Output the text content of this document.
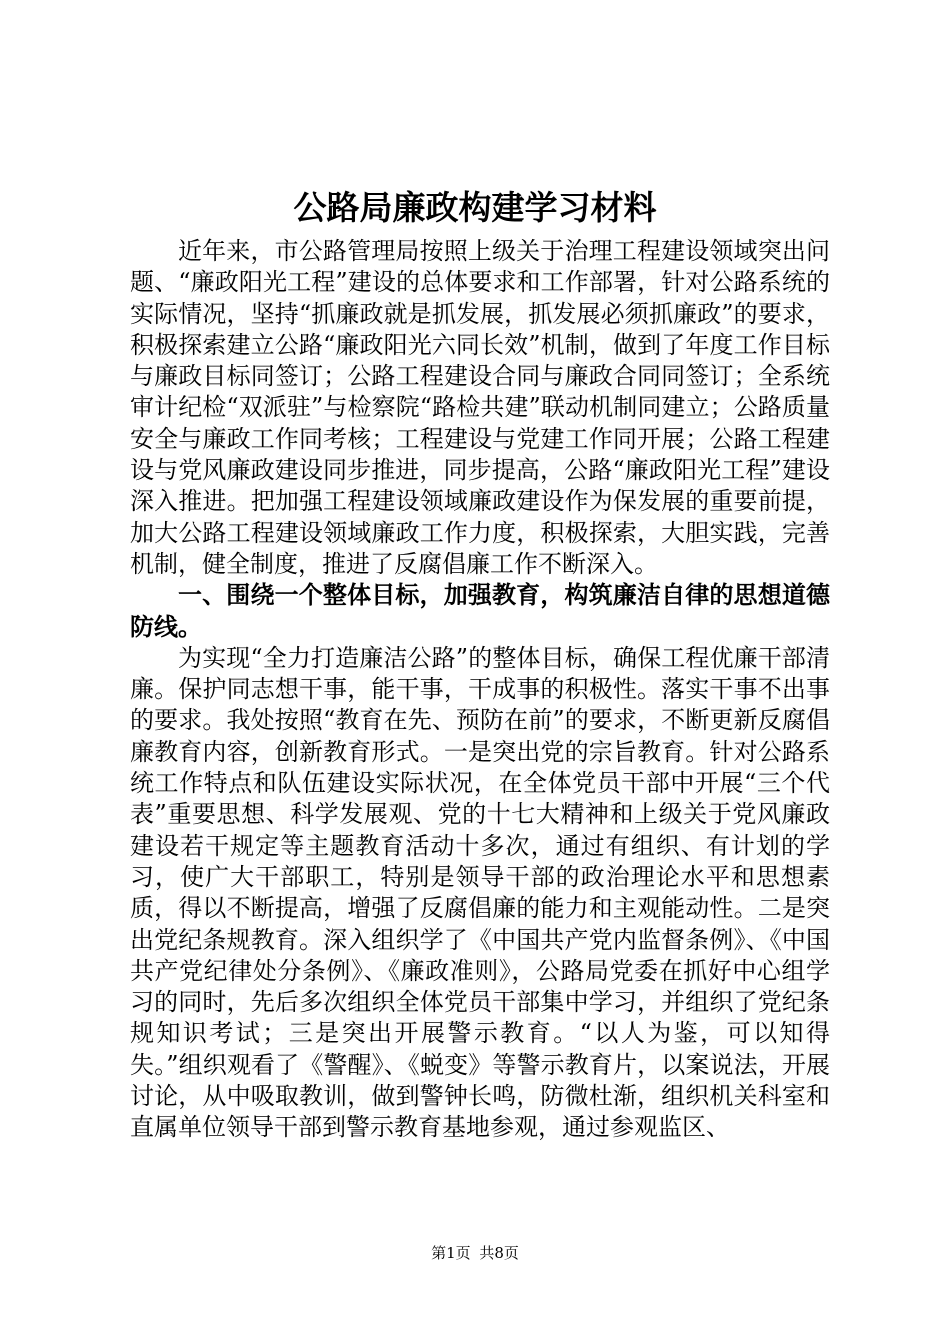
公路局廉政构建学习材料

近年来，市公路管理局按照上级关于治理工程建设领域突出问题、“廉政阳光工程”建设的总体要求和工作部署，针对公路系统的实际情况，坚持“抓廉政就是抓发展，抓发展必须抓廉政”的要求，积极探索建立公路“廉政阳光六同长效”机制，做到了年度工作目标与廉政目标同签订；公路工程建设合同与廉政合同同签订；全系统审计纪检“双派驻”与检察院“路检共建”联动机制同建立；公路质量安全与廉政工作同考核；工程建设与党建工作同开展；公路工程建设与党风廉政建设同步推进，同步提高，公路“廉政阳光工程”建设深入推进。把加强工程建设领域廉政建设作为保发展的重要前提，加大公路工程建设领域廉政工作力度，积极探索，大胆实践，完善机制，健全制度，推进了反腐倡廉工作不断深入。

一、围绕一个整体目标，加强教育，构筑廉洁自律的思想道德防线。

为实现“全力打造廉洁公路”的整体目标，确保工程优廉干部清廉。保护同志想干事，能干事，干成事的积极性。落实干事不出事的要求。我处按照“教育在先、预防在前”的要求，不断更新反腐倡廉教育内容，创新教育形式。一是突出党的宗旨教育。针对公路系统工作特点和队伍建设实际状况，在全体党员干部中开展“三个代表”重要思想、科学发展观、党的十七大精神和上级关于党风廉政建设若干规定等主题教育活动十多次，通过有组织、有计划的学习，使广大干部职工，特别是领导干部的政治理论水平和思想素质，得以不断提高，增强了反腐倡廉的能力和主观能动性。二是突出党纪条规教育。深入组织学了《中国共产党内监督条例》、《中国共产党纪律处分条例》、《廉政准则》，公路局党委在抓好中心组学习的同时，先后多次组织全体党员干部集中学习，并组织了党纪条规知识考试；三是突出开展警示教育。“以人为鉴，可以知得失。”组织观看了《警醒》、《蜕变》等警示教育片，以案说法，开展讨论，从中吸取教训，做到警钟长鸣，防微杜渐，组织机关科室和直属单位领导干部到警示教育基地参观，通过参观监区、

第1页 共8页
